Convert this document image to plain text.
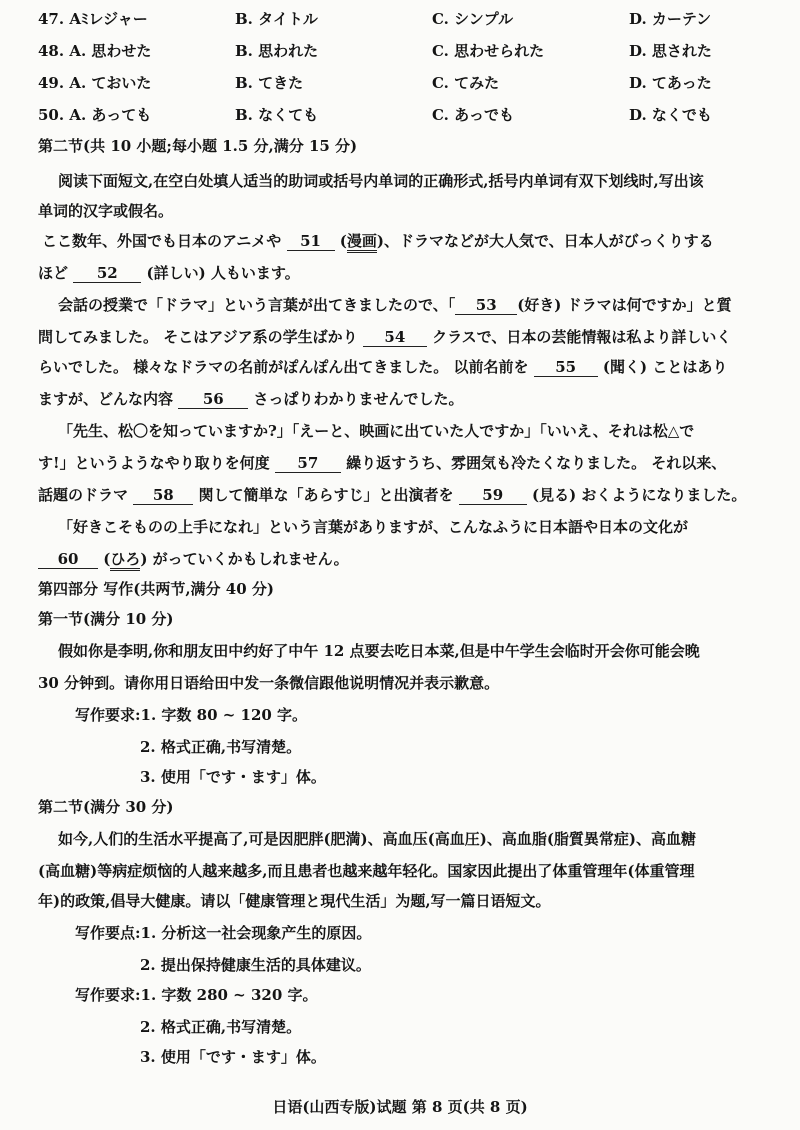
47. Aﾐレジャー	B. タイトル	C. シンプル	D. カーテン
48. A. 思わせた	B. 思われた	C. 思わせられた	D. 思された
49. A. ておいた	B. てきた	C. てみた	D. てあった
50. A. あっても	B. なくても	C. あっでも	D. なくでも
第二节(共 10 小题;每小题 1.5 分,满分 15 分)
阅读下面短文,在空白处填人适当的助词或括号内单词的正确形式,括号内单词有双下划线时,写出该
单词的汉字或假名。
ここ数年、外国でも日本のアニメや 51 (漫画)、ドラマなどが大人気で、日本人がびっくりする
ほど 52 (詳しい) 人もいます。
会話の授業で「ドラマ」という言葉が出てきましたので、「 53 (好き) ドラマは何ですか」と質
問してみました。 そこはアジア系の学生ばかり 54 クラスで、日本の芸能情報は私より詳しいく
らいでした。 様々なドラマの名前がぽんぽん出てきました。 以前名前を 55 (聞く) ことはあり
ますが、どんな内容 56 さっぱりわかりませんでした。
「先生、松〇を知っていますか?」「えーと、映画に出ていた人ですか」「いいえ、それは松△で
す!」というようなやり取りを何度 57 繰り返すうち、雰囲気も冷たくなりました。 それ以来、
話題のドラマ 58 関して簡単な「あらすじ」と出演者を 59 (見る) おくようになりました。
「好きこそものの上手になれ」という言葉がありますが、こんなふうに日本語や日本の文化が
60 (ひろ) がっていくかもしれません。
第四部分 写作(共两节,满分 40 分)
第一节(满分 10 分)
假如你是李明,你和朋友田中约好了中午 12 点要去吃日本菜,但是中午学生会临时开会你可能会晚
30 分钟到。请你用日语给田中发一条微信跟他说明情况并表示歉意。
写作要求:1. 字数 80 ~ 120 字。
2. 格式正确,书写清楚。
3. 使用「です・ます」体。
第二节(满分 30 分)
如今,人们的生活水平提高了,可是因肥胖(肥満)、高血压(高血圧)、高血脂(脂質異常症)、高血糖
(高血糖)等病症烦恼的人越来越多,而且患者也越来越年轻化。国家因此提出了体重管理年(体重管理
年)的政策,倡导大健康。请以「健康管理と現代生活」为题,写一篇日语短文。
写作要点:1. 分析这一社会现象产生的原因。
2. 提出保持健康生活的具体建议。
写作要求:1. 字数 280 ~ 320 字。
2. 格式正确,书写清楚。
3. 使用「です・ます」体。
日语(山西专版)试题 第 8 页(共 8 页)
